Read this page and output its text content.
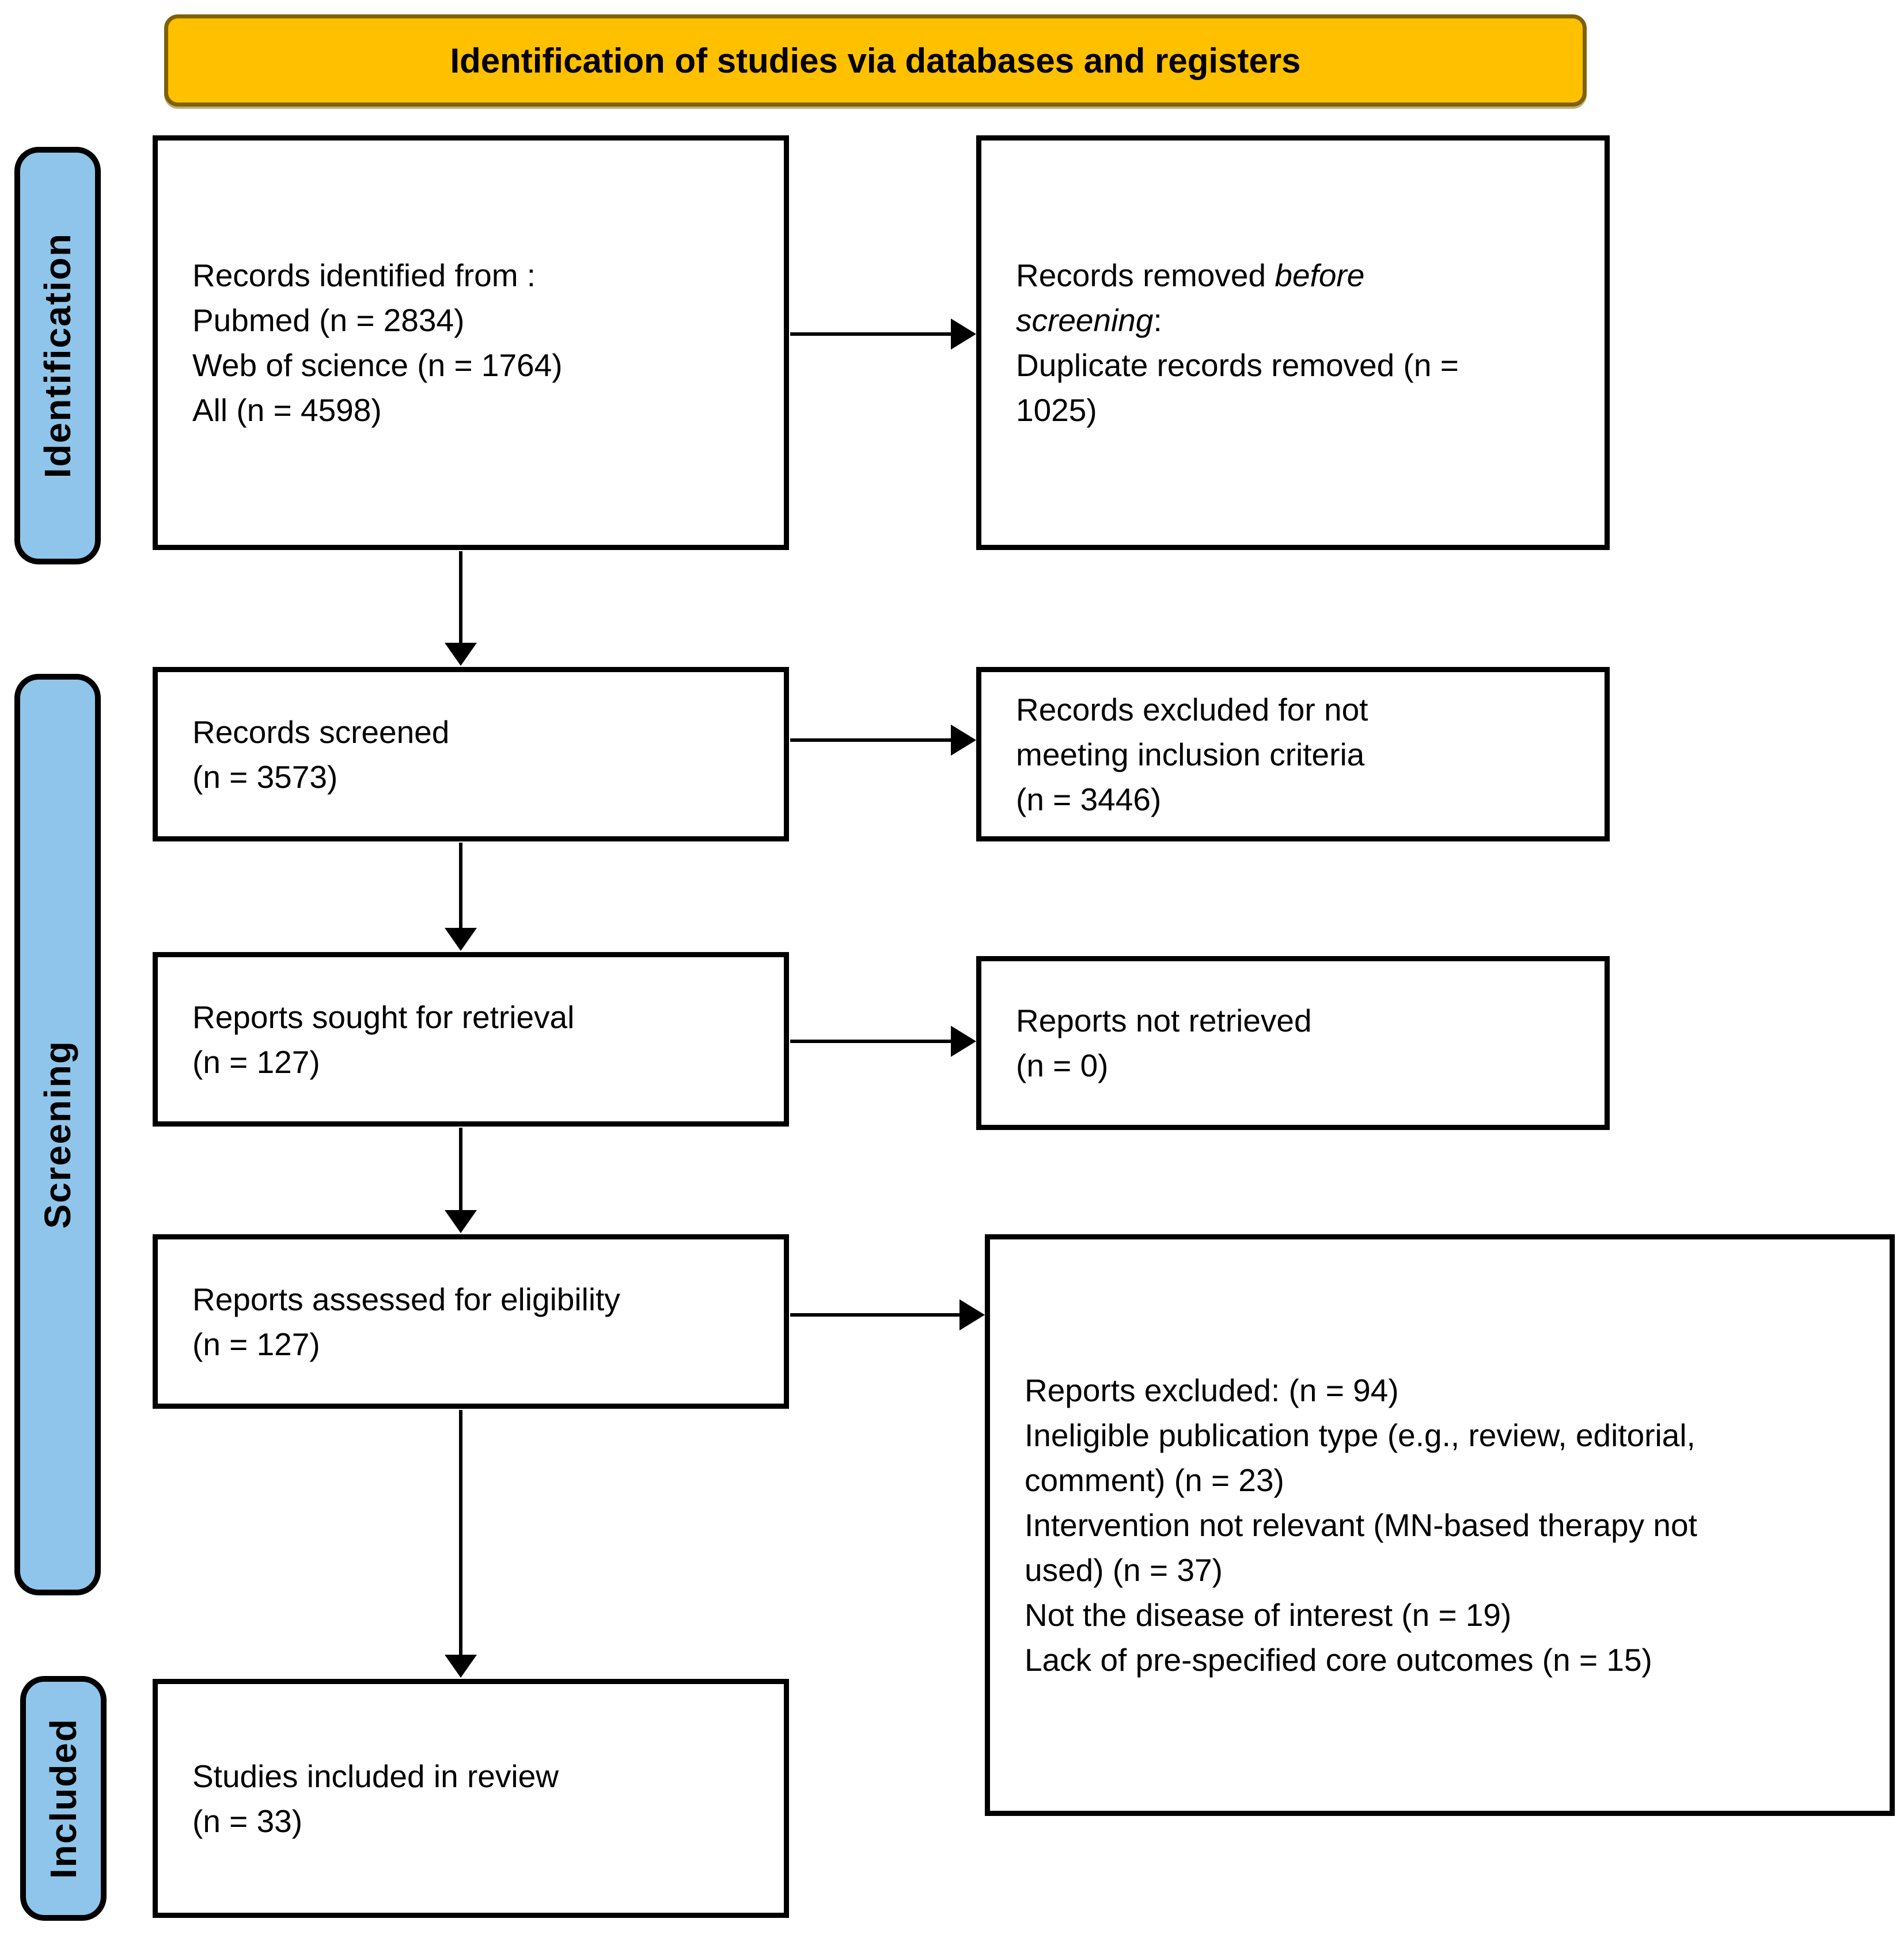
Identification of studies via databases and registers
Identification
Screening
Included
Records identified from :
Pubmed (n = 2834)
Web of science (n = 1764)
All (n = 4598)
Records removed before
screening:
Duplicate records removed (n =
1025)
Records screened
(n = 3573)
Records excluded for not
meeting inclusion criteria
(n = 3446)
Reports sought for retrieval
(n = 127)
Reports not retrieved
(n = 0)
Reports assessed for eligibility
(n = 127)
Reports excluded: (n = 94)
Ineligible publication type (e.g., review, editorial,
comment) (n = 23)
Intervention not relevant (MN-based therapy not
used) (n = 37)
Not the disease of interest (n = 19)
Lack of pre-specified core outcomes (n = 15)
Studies included in review
(n = 33)
